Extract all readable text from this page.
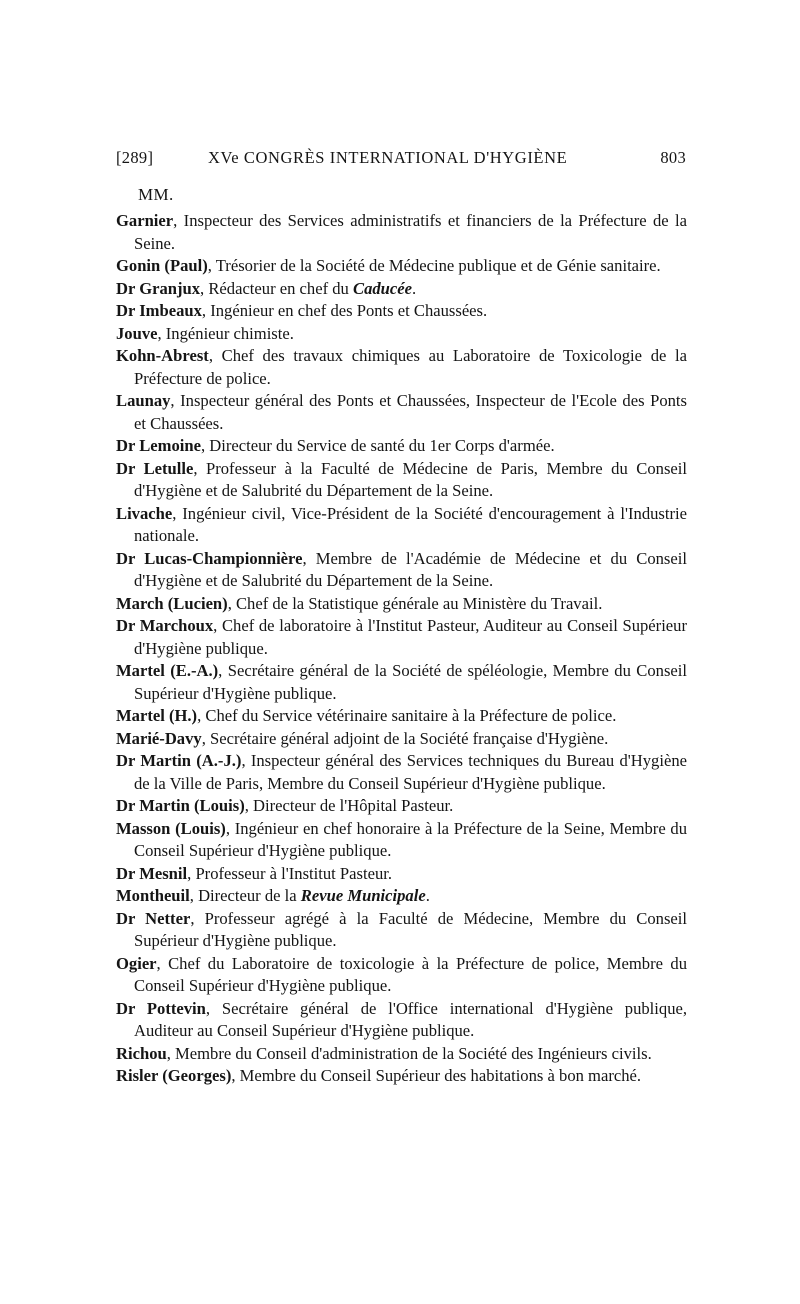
[289]	XVe CONGRÈS INTERNATIONAL D'HYGIÈNE	803
MM.
Garnier, Inspecteur des Services administratifs et financiers de la Préfecture de la Seine.
Gonin (Paul), Trésorier de la Société de Médecine publique et de Génie sanitaire.
Dr Granjux, Rédacteur en chef du Caducée.
Dr Imbeaux, Ingénieur en chef des Ponts et Chaussées.
Jouve, Ingénieur chimiste.
Kohn-Abrest, Chef des travaux chimiques au Laboratoire de Toxicologie de la Préfecture de police.
Launay, Inspecteur général des Ponts et Chaussées, Inspecteur de l'Ecole des Ponts et Chaussées.
Dr Lemoine, Directeur du Service de santé du 1er Corps d'armée.
Dr Letulle, Professeur à la Faculté de Médecine de Paris, Membre du Conseil d'Hygiène et de Salubrité du Département de la Seine.
Livache, Ingénieur civil, Vice-Président de la Société d'encouragement à l'Industrie nationale.
Dr Lucas-Championnière, Membre de l'Académie de Médecine et du Conseil d'Hygiène et de Salubrité du Département de la Seine.
March (Lucien), Chef de la Statistique générale au Ministère du Travail.
Dr Marchoux, Chef de laboratoire à l'Institut Pasteur, Auditeur au Conseil Supérieur d'Hygiène publique.
Martel (E.-A.), Secrétaire général de la Société de spéléologie, Membre du Conseil Supérieur d'Hygiène publique.
Martel (H.), Chef du Service vétérinaire sanitaire à la Préfecture de police.
Marié-Davy, Secrétaire général adjoint de la Société française d'Hygiène.
Dr Martin (A.-J.), Inspecteur général des Services techniques du Bureau d'Hygiène de la Ville de Paris, Membre du Conseil Supérieur d'Hygiène publique.
Dr Martin (Louis), Directeur de l'Hôpital Pasteur.
Masson (Louis), Ingénieur en chef honoraire à la Préfecture de la Seine, Membre du Conseil Supérieur d'Hygiène publique.
Dr Mesnil, Professeur à l'Institut Pasteur.
Montheuil, Directeur de la Revue Municipale.
Dr Netter, Professeur agrégé à la Faculté de Médecine, Membre du Conseil Supérieur d'Hygiène publique.
Ogier, Chef du Laboratoire de toxicologie à la Préfecture de police, Membre du Conseil Supérieur d'Hygiène publique.
Dr Pottevin, Secrétaire général de l'Office international d'Hygiène publique, Auditeur au Conseil Supérieur d'Hygiène publique.
Richou, Membre du Conseil d'administration de la Société des Ingénieurs civils.
Risler (Georges), Membre du Conseil Supérieur des habitations à bon marché.
